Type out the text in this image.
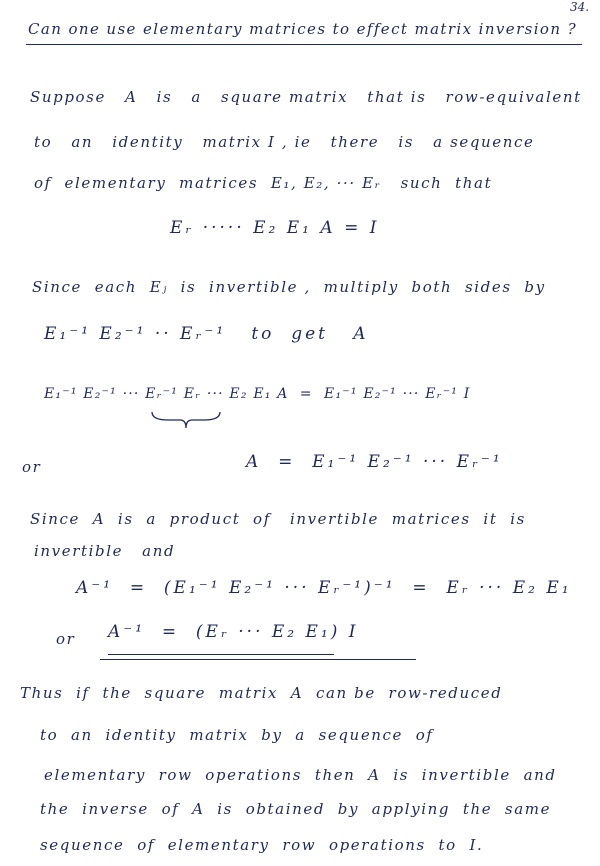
34.
Can one use elementary matrices to effect matrix inversion ?
Suppose   A   is   a   square matrix   that is   row-equivalent
to   an   identity   matrix I , ie   there   is   a sequence
of  elementary  matrices  E₁, E₂, ··· Eᵣ   such  that
Eᵣ ····· E₂ E₁ A = I
Since  each  Eⱼ  is  invertible ,  multiply  both  sides  by
E₁⁻¹ E₂⁻¹ ·· Eᵣ⁻¹   to  get   A
E₁⁻¹ E₂⁻¹ ··· Eᵣ⁻¹ Eᵣ ··· E₂ E₁ A  =  E₁⁻¹ E₂⁻¹ ··· Eᵣ⁻¹ I
or	A  =  E₁⁻¹ E₂⁻¹ ··· Eᵣ⁻¹
Since  A  is  a  product  of   invertible  matrices  it  is
invertible   and
A⁻¹  =  (E₁⁻¹ E₂⁻¹ ··· Eᵣ⁻¹)⁻¹  =  Eᵣ ··· E₂ E₁
or A⁻¹  =  (Eᵣ ··· E₂ E₁) I
Thus  if  the  square  matrix  A  can be  row-reduced
to  an  identity  matrix  by  a  sequence  of
elementary  row  operations  then  A  is  invertible  and
the  inverse  of  A  is  obtained  by  applying  the  same
sequence  of  elementary  row  operations  to  I.
